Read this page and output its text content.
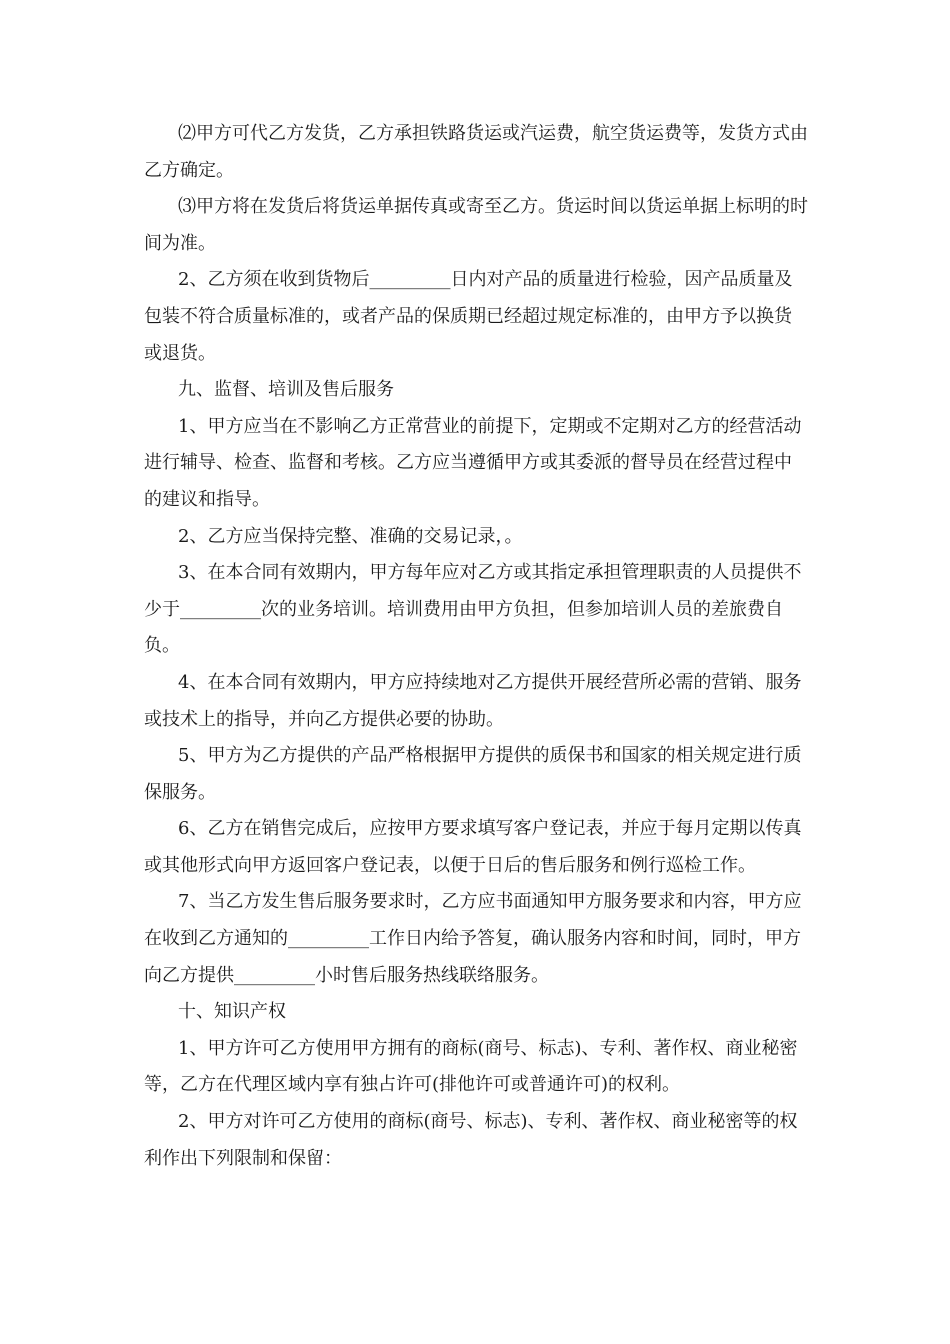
⑵甲方可代乙方发货，乙方承担铁路货运或汽运费，航空货运费等，发货方式由乙方确定。

⑶甲方将在发货后将货运单据传真或寄至乙方。货运时间以货运单据上标明的时间为准。

2、乙方须在收到货物后_________日内对产品的质量进行检验，因产品质量及包装不符合质量标准的，或者产品的保质期已经超过规定标准的，由甲方予以换货或退货。

九、监督、培训及售后服务

1、甲方应当在不影响乙方正常营业的前提下，定期或不定期对乙方的经营活动进行辅导、检查、监督和考核。乙方应当遵循甲方或其委派的督导员在经营过程中的建议和指导。

2、乙方应当保持完整、准确的交易记录，。

3、在本合同有效期内，甲方每年应对乙方或其指定承担管理职责的人员提供不少于_________次的业务培训。培训费用由甲方负担，但参加培训人员的差旅费自负。

4、在本合同有效期内，甲方应持续地对乙方提供开展经营所必需的营销、服务或技术上的指导，并向乙方提供必要的协助。

5、甲方为乙方提供的产品严格根据甲方提供的质保书和国家的相关规定进行质保服务。

6、乙方在销售完成后，应按甲方要求填写客户登记表，并应于每月定期以传真或其他形式向甲方返回客户登记表，以便于日后的售后服务和例行巡检工作。

7、当乙方发生售后服务要求时，乙方应书面通知甲方服务要求和内容，甲方应在收到乙方通知的_________工作日内给予答复，确认服务内容和时间，同时，甲方向乙方提供_________小时售后服务热线联络服务。

十、知识产权

1、甲方许可乙方使用甲方拥有的商标(商号、标志)、专利、著作权、商业秘密等，乙方在代理区域内享有独占许可(排他许可或普通许可)的权利。

2、甲方对许可乙方使用的商标(商号、标志)、专利、著作权、商业秘密等的权利作出下列限制和保留：
